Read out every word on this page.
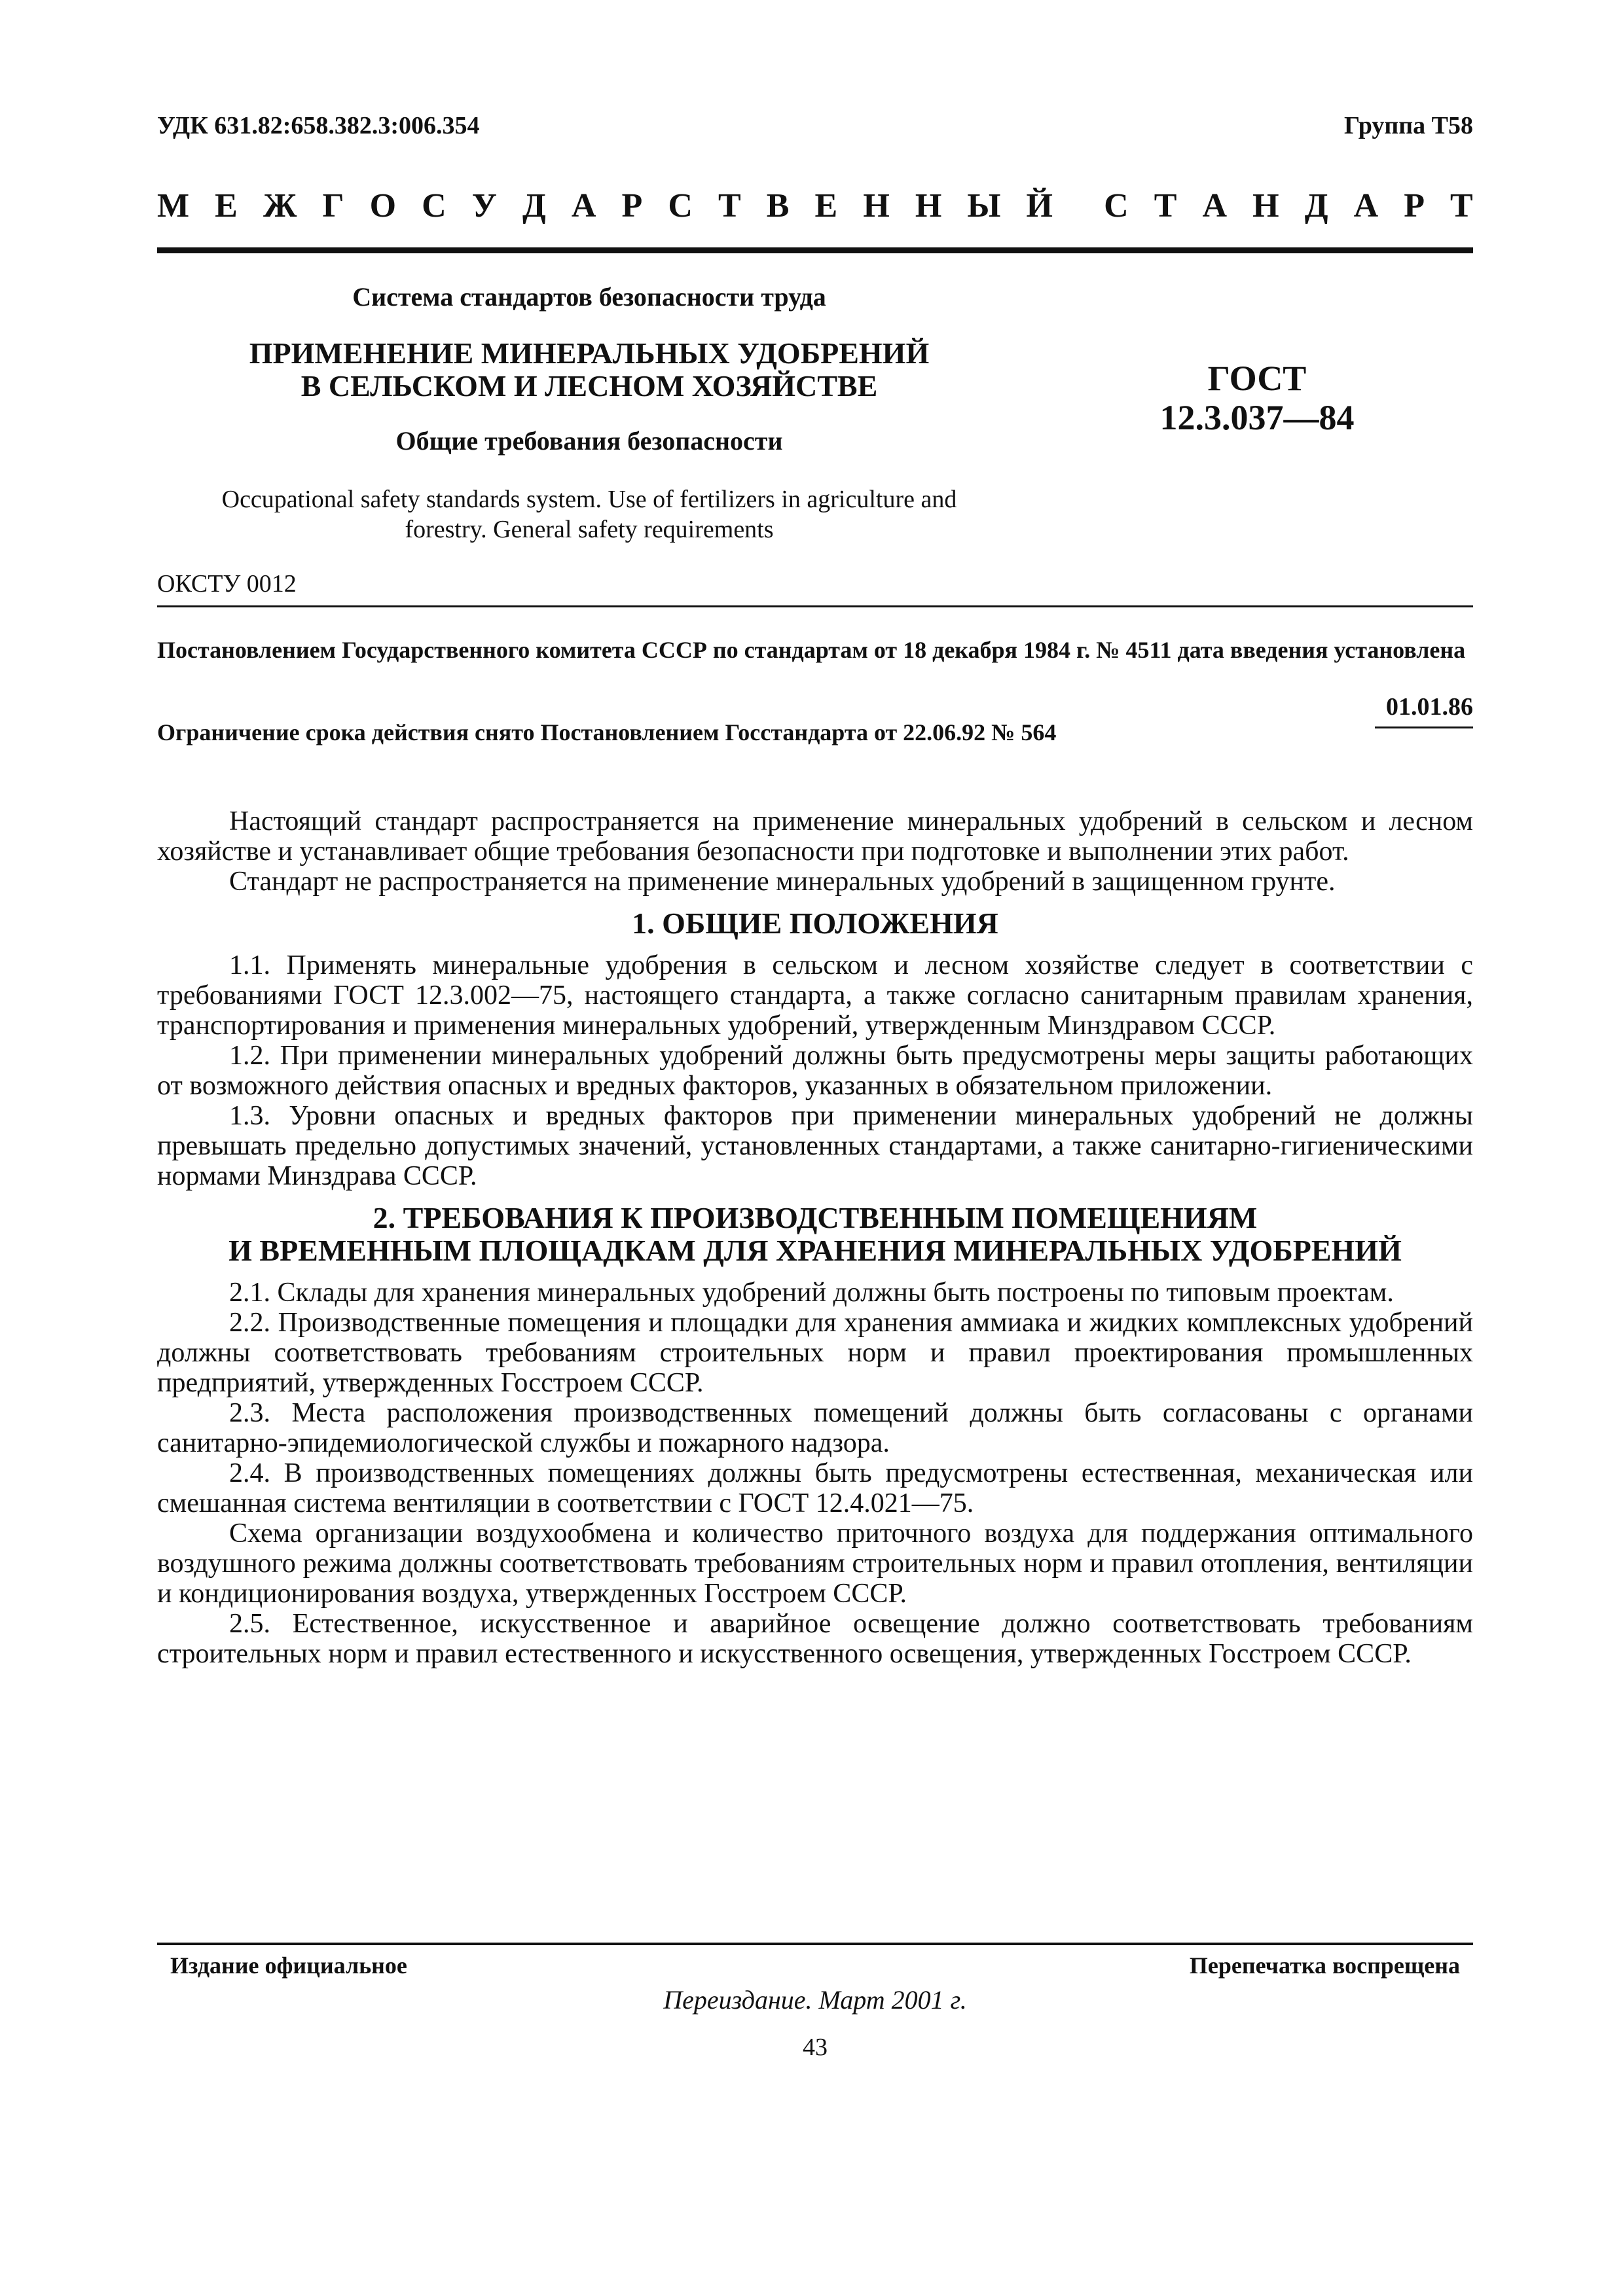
УДК 631.82:658.382.3:006.354	Группа T58
М Е Ж Г О С У Д А Р С Т В Е Н Н Ы Й С Т А Н Д А Р Т
Система стандартов безопасности труда
ПРИМЕНЕНИЕ МИНЕРАЛЬНЫХ УДОБРЕНИЙ
В СЕЛЬСКОМ И ЛЕСНОМ ХОЗЯЙСТВЕ
Общие требования безопасности
ГОСТ
12.3.037—84
Occupational safety standards system. Use of fertilizers in agriculture and
forestry. General safety requirements
ОКСТУ 0012
Постановлением Государственного комитета СССР по стандартам от 18 декабря 1984 г. № 4511 дата введения установлена
01.01.86
Ограничение срока действия снято Постановлением Госстандарта от 22.06.92 № 564

Настоящий стандарт распространяется на применение минеральных удобрений в сельском и лесном хозяйстве и устанавливает общие требования безопасности при подготовке и выполнении этих работ.

Стандарт не распространяется на применение минеральных удобрений в защищенном грунте.

1. ОБЩИЕ ПОЛОЖЕНИЯ

1.1. Применять минеральные удобрения в сельском и лесном хозяйстве следует в соответствии с требованиями ГОСТ 12.3.002—75, настоящего стандарта, а также согласно санитарным правилам хранения, транспортирования и применения минеральных удобрений, утвержденным Минздравом СССР.

1.2. При применении минеральных удобрений должны быть предусмотрены меры защиты работающих от возможного действия опасных и вредных факторов, указанных в обязательном приложении.

1.3. Уровни опасных и вредных факторов при применении минеральных удобрений не должны превышать предельно допустимых значений, установленных стандартами, а также санитарно-гигиеническими нормами Минздрава СССР.

2. ТРЕБОВАНИЯ К ПРОИЗВОДСТВЕННЫМ ПОМЕЩЕНИЯМ
И ВРЕМЕННЫМ ПЛОЩАДКАМ ДЛЯ ХРАНЕНИЯ МИНЕРАЛЬНЫХ УДОБРЕНИЙ

2.1. Склады для хранения минеральных удобрений должны быть построены по типовым проектам.

2.2. Производственные помещения и площадки для хранения аммиака и жидких комплексных удобрений должны соответствовать требованиям строительных норм и правил проектирования промышленных предприятий, утвержденных Госстроем СССР.

2.3. Места расположения производственных помещений должны быть согласованы с органами санитарно-эпидемиологической службы и пожарного надзора.

2.4. В производственных помещениях должны быть предусмотрены естественная, механическая или смешанная система вентиляции в соответствии с ГОСТ 12.4.021—75.

Схема организации воздухообмена и количество приточного воздуха для поддержания оптимального воздушного режима должны соответствовать требованиям строительных норм и правил отопления, вентиляции и кондиционирования воздуха, утвержденных Госстроем СССР.

2.5. Естественное, искусственное и аварийное освещение должно соответствовать требованиям строительных норм и правил естественного и искусственного освещения, утвержденных Госстроем СССР.

Издание официальное	Перепечатка воспрещена
Переиздание. Март 2001 г.
43
